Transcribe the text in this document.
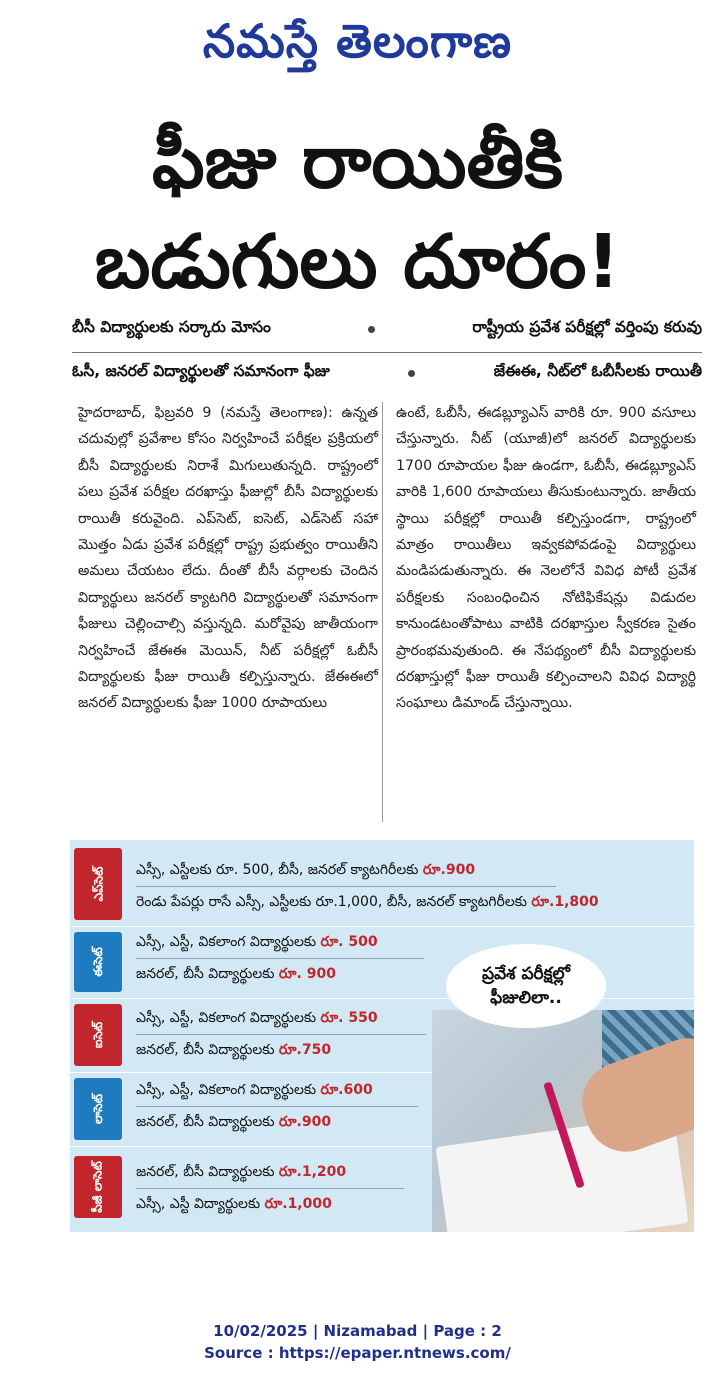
నమస్తే తెలంగాణ
ఫీజు రాయితీకి
బడుగులు దూరం!
బీసీ విద్యార్థులకు సర్కారు మోసం	రాష్ట్రీయ ప్రవేశ పరీక్షల్లో వర్తింపు కరువు
ఓసీ, జనరల్ విద్యార్థులతో సమానంగా ఫీజు	జేఈఈ, నీట్‌లో ఓబీసీలకు రాయితీ
హైదరాబాద్, ఫిబ్రవరి 9 (నమస్తే తెలంగాణ): ఉన్నత చదువుల్లో ప్రవేశాల కోసం నిర్వహించే పరీక్షల ప్రక్రియలో బీసీ విద్యార్థులకు నిరాశే మిగులుతున్నది. రాష్ట్రంలో పలు ప్రవేశ పరీక్షల దరఖాస్తు ఫీజుల్లో బీసీ విద్యార్థులకు రాయితీ కరువైంది. ఎప్‌సెట్, ఐసెట్, ఎడ్‌సెట్ సహా మొత్తం ఏడు ప్రవేశ పరీక్షల్లో రాష్ట్ర ప్రభుత్వం రాయితీని అమలు చేయటం లేదు. దీంతో బీసీ వర్గాలకు చెందిన విద్యార్థులు జనరల్ క్యాటగిరి విద్యార్థులతో సమానంగా ఫీజులు చెల్లించాల్సి వస్తున్నది. మరోవైపు జాతీయంగా నిర్వహించే జేఈఈ మెయిన్, నీట్ పరీక్షల్లో ఓబీసీ విద్యార్థులకు ఫీజు రాయితీ కల్పిస్తున్నారు. జేఈఈలో జనరల్ విద్యార్థులకు ఫీజు 1000 రూపాయలు
ఉంటే, ఓబీసీ, ఈడబ్ల్యూఎస్ వారికి రూ. 900 వసూలు చేస్తున్నారు. నీట్ (యూజీ)లో జనరల్ విద్యార్థులకు 1700 రూపాయల ఫీజు ఉండగా, ఓబీసీ, ఈడబ్ల్యూఎస్ వారికి 1,600 రూపాయలు తీసుకుంటున్నారు. జాతీయ స్థాయి పరీక్షల్లో రాయితీ కల్పిస్తుండగా, రాష్ట్రంలో మాత్రం రాయితీలు ఇవ్వకపోవడంపై విద్యార్థులు మండిపడుతున్నారు. ఈ నెలలోనే వివిధ పోటీ ప్రవేశ పరీక్షలకు సంబంధించిన నోటిఫికేషన్లు విడుదల కానుండటంతోపాటు వాటికి దరఖాస్తుల స్వీకరణ సైతం ప్రారంభమవుతుంది. ఈ నేపథ్యంలో బీసీ విద్యార్థులకు దరఖాస్తుల్లో ఫీజు రాయితీ కల్పించాలని వివిధ విద్యార్థి సంఘాలు డిమాండ్ చేస్తున్నాయి.
ప్రవేశ పరీక్షల్లో
ఫీజులిలా..
ఎప్‌సెట్ ఎస్సీ, ఎస్టీలకు రూ. 500, బీసీ, జనరల్ క్యాటగిరీలకు రూ.900
రెండు పేపర్లు రాసే ఎస్సీ, ఎస్టీలకు రూ.1,000, బీసీ, జనరల్ క్యాటగిరీలకు రూ.1,800
ఈసెట్
ఎస్సీ, ఎస్టీ, వికలాంగ విద్యార్థులకు రూ. 500
జనరల్, బీసీ విద్యార్థులకు రూ. 900
ఐసెట్
ఎస్సీ, ఎస్టీ, వికలాంగ విద్యార్థులకు రూ. 550
జనరల్, బీసీ విద్యార్థులకు రూ.750
లాసెట్
ఎస్సీ, ఎస్టీ, వికలాంగ విద్యార్థులకు రూ.600
జనరల్, బీసీ విద్యార్థులకు రూ.900
పీజీ లాసెట్ జనరల్, బీసీ విద్యార్థులకు రూ.1,200
ఎస్సీ, ఎస్టీ విద్యార్థులకు రూ.1,000
10/02/2025 | Nizamabad | Page : 2
Source : https://epaper.ntnews.com/
